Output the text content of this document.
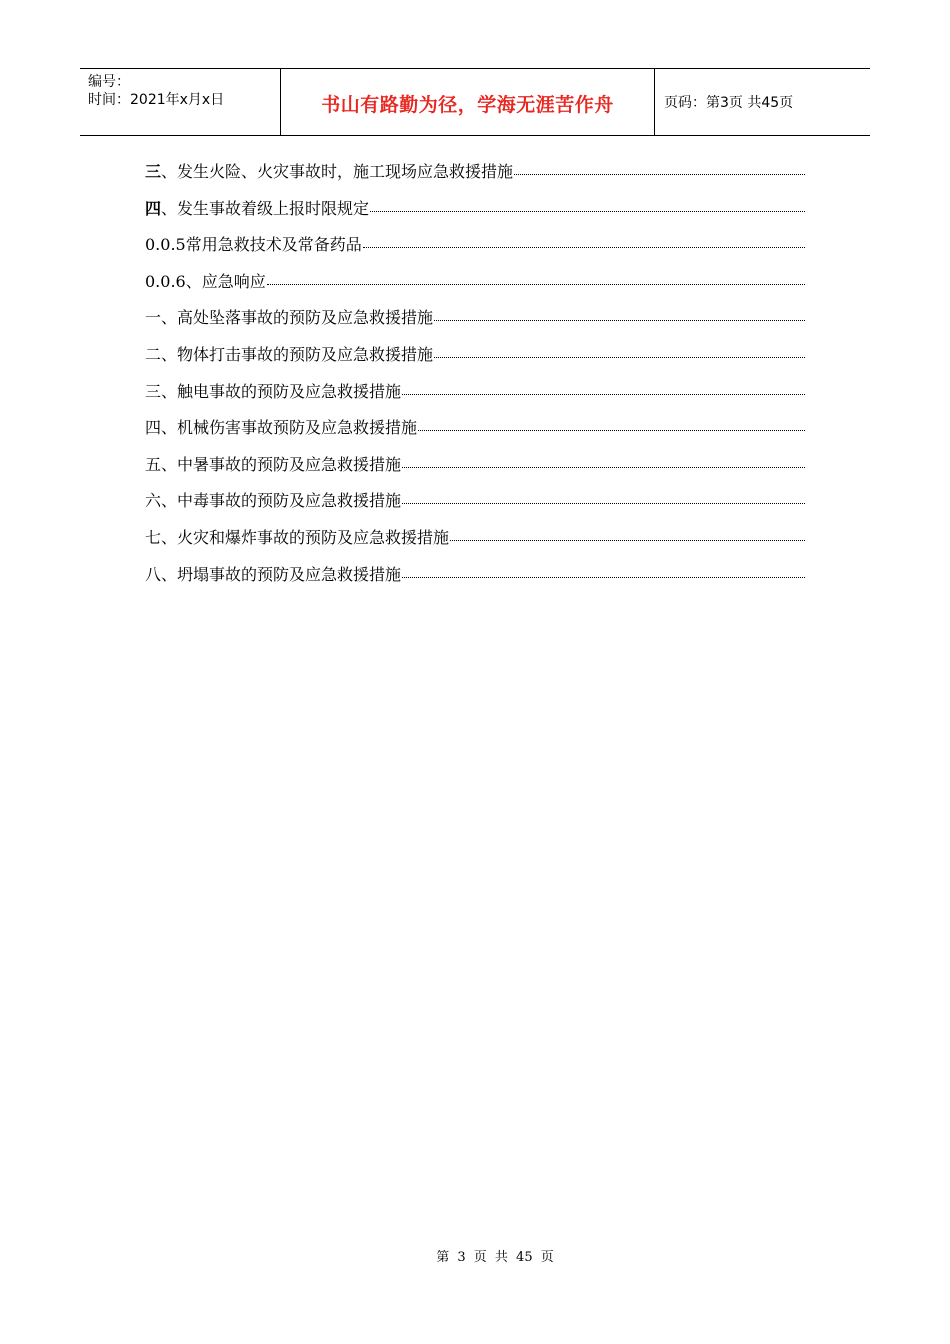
编号：
时间：2021年x月x日	书山有路勤为径，学海无涯苦作舟	页码：第3页 共45页
三、发生火险、火灾事故时，施工现场应急救援措施
四、发生事故着级上报时限规定
0.0.5常用急救技术及常备药品
0.0.6、应急响应
一、高处坠落事故的预防及应急救援措施
二、物体打击事故的预防及应急救援措施
三、触电事故的预防及应急救援措施
四、机械伤害事故预防及应急救援措施
五、中暑事故的预防及应急救援措施
六、中毒事故的预防及应急救援措施
七、火灾和爆炸事故的预防及应急救援措施
八、坍塌事故的预防及应急救援措施
第 3 页 共 45 页
